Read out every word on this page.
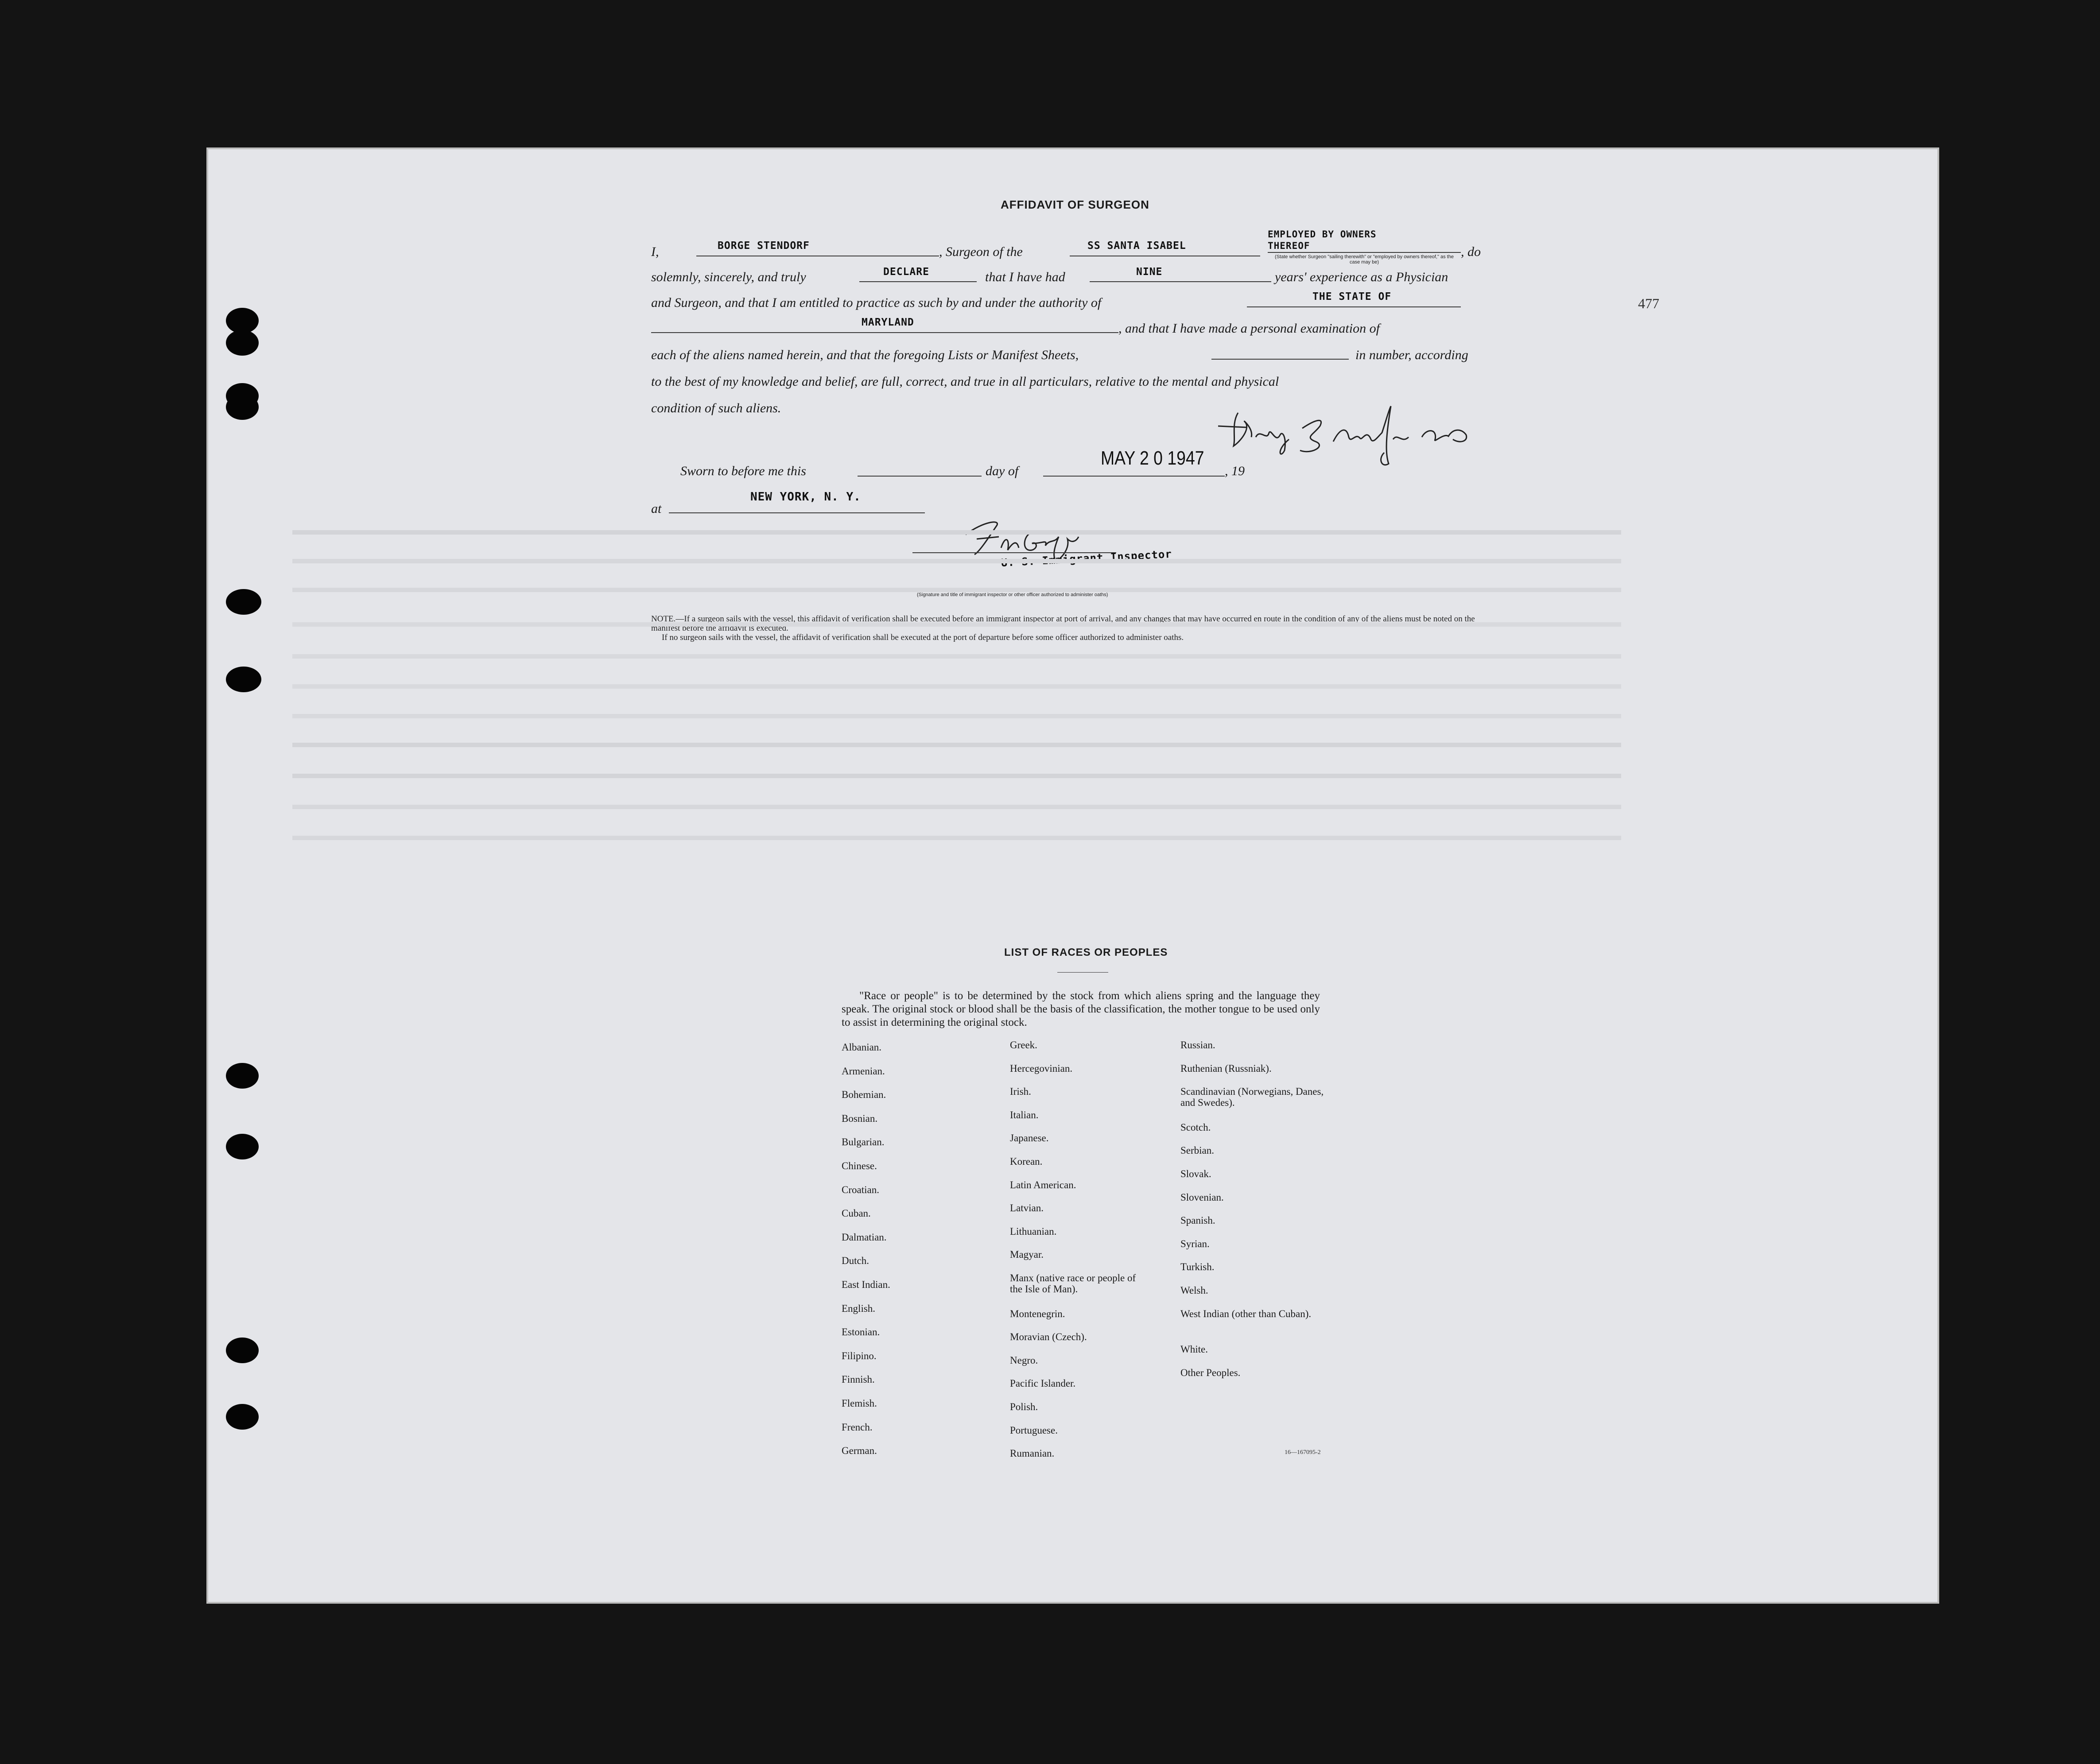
AFFIDAVIT OF SURGEON
I,	BORGE STENDORF	, Surgeon of the	SS SANTA ISABEL
EMPLOYED BY OWNERS
THEREOF
(State whether Surgeon "sailing therewith" or "employed by owners thereof," as the case may be)
, do
solemnly, sincerely, and truly	DECLARE	that I have had	NINE	years' experience as a Physician
and Surgeon, and that I am entitled to practice as such by and under the authority of	THE STATE OF
MARYLAND	, and that I have made a personal examination of
each of the aliens named herein, and that the foregoing Lists or Manifest Sheets,	in number, according
to the best of my knowledge and belief, are full, correct, and true in all particulars, relative to the mental and physical
condition of such aliens.
Sworn to before me this	day of
MAY 2 0 1947
, 19
at
NEW YORK, N. Y.
U. S. Immigrant Inspector
(Signature and title of immigrant inspector or other officer authorized to administer oaths)
NOTE.—If a surgeon sails with the vessel, this affidavit of verification shall be executed before an immigrant inspector at port of arrival, and any changes that may have occurred en route in the condition of any of the aliens must be noted on the manifest before the affidavit is executed.
If no surgeon sails with the vessel, the affidavit of verification shall be executed at the port of departure before some officer authorized to administer oaths.
477
LIST OF RACES OR PEOPLES
"Race or people" is to be determined by the stock from which aliens spring and the language they speak. The original stock or blood shall be the basis of the classification, the mother tongue to be used only to assist in determining the original stock.
Albanian.
Armenian.
Bohemian.
Bosnian.
Bulgarian.
Chinese.
Croatian.
Cuban.
Dalmatian.
Dutch.
East Indian.
English.
Estonian.
Filipino.
Finnish.
Flemish.
French.
German.
Greek.
Hercegovinian.
Irish.
Italian.
Japanese.
Korean.
Latin American.
Latvian.
Lithuanian.
Magyar.
Manx (native race or people of the Isle of Man).
Montenegrin.
Moravian (Czech).
Negro.
Pacific Islander.
Polish.
Portuguese.
Rumanian.
Russian.
Ruthenian (Russniak).
Scandinavian (Norwegians, Danes, and Swedes).
Scotch.
Serbian.
Slovak.
Slovenian.
Spanish.
Syrian.
Turkish.
Welsh.
West Indian (other than Cuban).
White.
Other Peoples.
16—167095-2
